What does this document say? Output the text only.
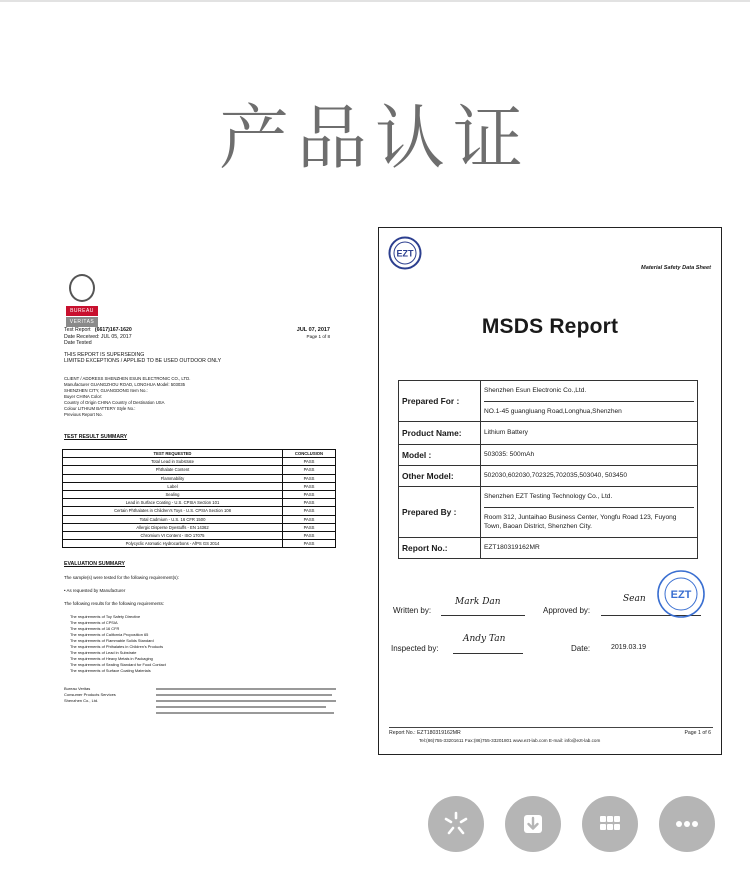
产品认证
BUREAU
VERITAS
Test Report (6617)167-1620	JUL 07, 2017
Page 1 of 8
Date Received: JUL 05, 2017
Date Tested
THIS REPORT IS SUPERSEDING
LIMITED EXCEPTIONS / APPLIED TO BE USED OUTDOOR ONLY
CLIENT / ADDRESS SHENZHEN ESUN ELECTRONIC CO., LTD.
Manufacturer GUANGZHOU ROAD, LONGHUA Model: 503035
SHENZHEN CITY, GUANGDONG Item No.:
Buyer CHINA Color:
Country of Origin CHINA Country of Destination USA
Colour LITHIUM BATTERY Style No.:
Previous Report No.
TEST RESULT SUMMARY
TEST REQUESTED	CONCLUSION
Total Lead in Substrate	PASS
Phthalate Content	PASS
Flammability	PASS
Label	PASS
Sealing	PASS
Lead in Surface Coating - U.S. CPSIA Section 101	PASS
Certain Phthalates in Children's Toys - U.S. CPSIA Section 108	PASS
Total Cadmium - U.S. 16 CFR 1500	PASS
Allergic Disperse Dyestuffs - EN 14362	PASS
Chromium VI Content - ISO 17075	PASS
Polycyclic Aromatic Hydrocarbons - AfPS GS 2014	PASS
EVALUATION SUMMARY
The sample(s) were tested for the following requirement(s):
• As requested by Manufacturer
The following results for the following requirements:
The requirements of Toy Safety Directive
The requirements of CPSIA
The requirements of 16 CFR
The requirements of California Proposition 65
The requirements of Flammable Solids Standard
The requirements of Phthalates in Children's Products
The requirements of Lead in Substrate
The requirements of Heavy Metals in Packaging
The requirements of Sealing Standard for Food Contact
The requirements of Surface Coating Materials
Bureau Veritas
Consumer Products Services
Shenzhen Co., Ltd.
EZT
Material Safety Data Sheet
MSDS Report
Prepared For :	Shenzhen Esun Electronic Co.,Ltd.
NO.1-45 guangluang Road,Longhua,Shenzhen

Product Name:	Lithium Battery
Model :	503035: 500mAh
Other Model:	502030,602030,702325,702035,503040, 503450
Prepared By :	Shenzhen EZT Testing Technology Co., Ltd.
Room 312, Juntaihao Business Center, Yongfu Road 123, Fuyong Town, Baoan District, Shenzhen City.

Report No.:	EZT180319162MR
Written by:
Mark Dan
Approved by:
Sean EZT
Inspected by:
Andy Tan
Date:	2019.03.19
Report No.: EZT180319162MR	Page 1 of 6
Tel:(86)755-33201611 Fax:(86)755-33201801 www.ezt-lab.com E-mail: info@ezt-lab.com
